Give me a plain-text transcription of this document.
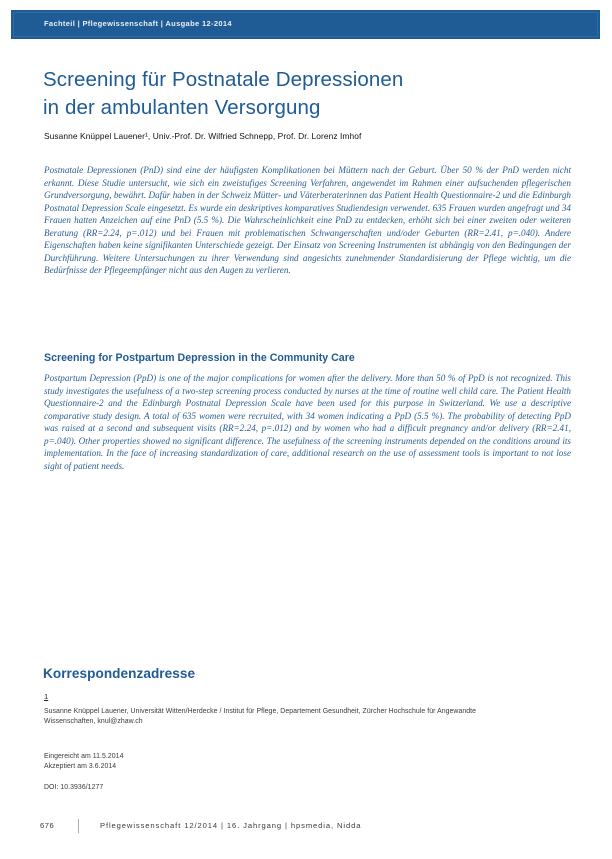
Fachteil | Pflegewissenschaft | Ausgabe 12-2014
Screening für Postnatale Depressionen
in der ambulanten Versorgung
Susanne Knüppel Lauener¹, Univ.-Prof. Dr. Wilfried Schnepp, Prof. Dr. Lorenz Imhof
Postnatale Depressionen (PnD) sind eine der häufigsten Komplikationen bei Müttern nach der Geburt. Über 50 % der PnD werden nicht erkannt. Diese Studie untersucht, wie sich ein zweistufiges Screening Verfahren, angewendet im Rahmen einer aufsuchenden pflegerischen Grundversorgung, bewährt. Dafür haben in der Schweiz Mütter- und Väterberaterinnen das Patient Health Questionnaire-2 und die Edinburgh Postnatal Depression Scale eingesetzt. Es wurde ein deskriptives komparatives Studiendesign verwendet. 635 Frauen wurden angefragt und 34 Frauen hatten Anzeichen auf eine PnD (5.5 %). Die Wahrscheinlichkeit eine PnD zu entdecken, erhöht sich bei einer zweiten oder weiteren Beratung (RR=2.24, p=.012) und bei Frauen mit problematischen Schwangerschaften und/oder Geburten (RR=2.41, p=.040). Andere Eigenschaften haben keine signifikanten Unterschiede gezeigt. Der Einsatz von Screening Instrumenten ist abhängig von den Bedingungen der Durchführung. Weitere Untersuchungen zu ihrer Verwendung sind angesichts zunehmender Standardisierung der Pflege wichtig, um die Bedürfnisse der Pflegeempfänger nicht aus den Augen zu verlieren.
Screening for Postpartum Depression in the Community Care
Postpartum Depression (PpD) is one of the major complications for women after the delivery. More than 50 % of PpD is not recognized. This study investigates the usefulness of a two-step screening process conducted by nurses at the time of routine well child care. The Patient Health Questionnaire-2 and the Edinburgh Postnatal Depression Scale have been used for this purpose in Switzerland. We use a descriptive comparative study design. A total of 635 women were recruited, with 34 women indicating a PpD (5.5 %). The probability of detecting PpD was raised at a second and subsequent visits (RR=2.24, p=.012) and by women who had a difficult pregnancy and/or delivery (RR=2.41, p=.040). Other properties showed no significant difference. The usefulness of the screening instruments depended on the conditions around its implementation. In the face of increasing standardization of care, additional research on the use of assessment tools is important to not lose sight of patient needs.
Korrespondenzadresse
1
Susanne Knüppel Lauener, Universität Witten/Herdecke / Institut für Pflege, Departement Gesundheit, Zürcher Hochschule für Angewandte Wissenschaften, knul@zhaw.ch
Eingereicht am 11.5.2014
Akzeptiert am 3.6.2014
DOI: 10.3936/1277
676	Pflegewissenschaft 12/2014 | 16. Jahrgang | hpsmedia, Nidda
